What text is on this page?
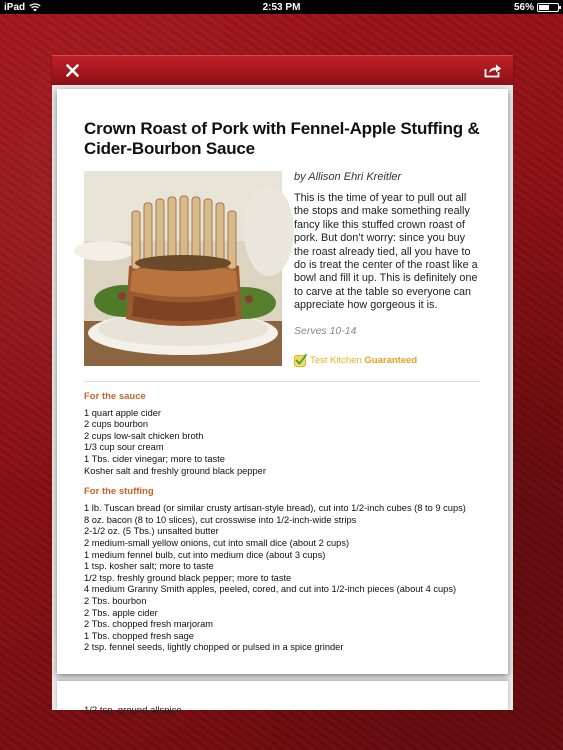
iPad	2:53 PM	56%
Crown Roast of Pork with Fennel-Apple Stuffing & Cider-Bourbon Sauce

by Allison Ehri Kreitler

This is the time of year to pull out all the stops and make something really fancy like this stuffed crown roast of pork. But don’t worry: since you buy the roast already tied, all you have to do is treat the center of the roast like a bowl and fill it up. This is definitely one to carve at the table so everyone can appreciate how gorgeous it is.

Serves 10-14

Test Kitchen Guaranteed
For the sauce
1 quart apple cider
2 cups bourbon
2 cups low-salt chicken broth
1/3 cup sour cream
1 Tbs. cider vinegar; more to taste
Kosher salt and freshly ground black pepper
For the stuffing
1 lb. Tuscan bread (or similar crusty artisan-style bread), cut into 1/2-inch cubes (8 to 9 cups)
8 oz. bacon (8 to 10 slices), cut crosswise into 1/2-inch-wide strips
2-1/2 oz. (5 Tbs.) unsalted butter
2 medium-small yellow onions, cut into small dice (about 2 cups)
1 medium fennel bulb, cut into medium dice (about 3 cups)
1 tsp. kosher salt; more to taste
1/2 tsp. freshly ground black pepper; more to taste
4 medium Granny Smith apples, peeled, cored, and cut into 1/2-inch pieces (about 4 cups)
2 Tbs. bourbon
2 Tbs. apple cider
2 Tbs. chopped fresh marjoram
1 Tbs. chopped fresh sage
2 tsp. fennel seeds, lightly chopped or pulsed in a spice grinder
1/2 tsp. ground allspice
